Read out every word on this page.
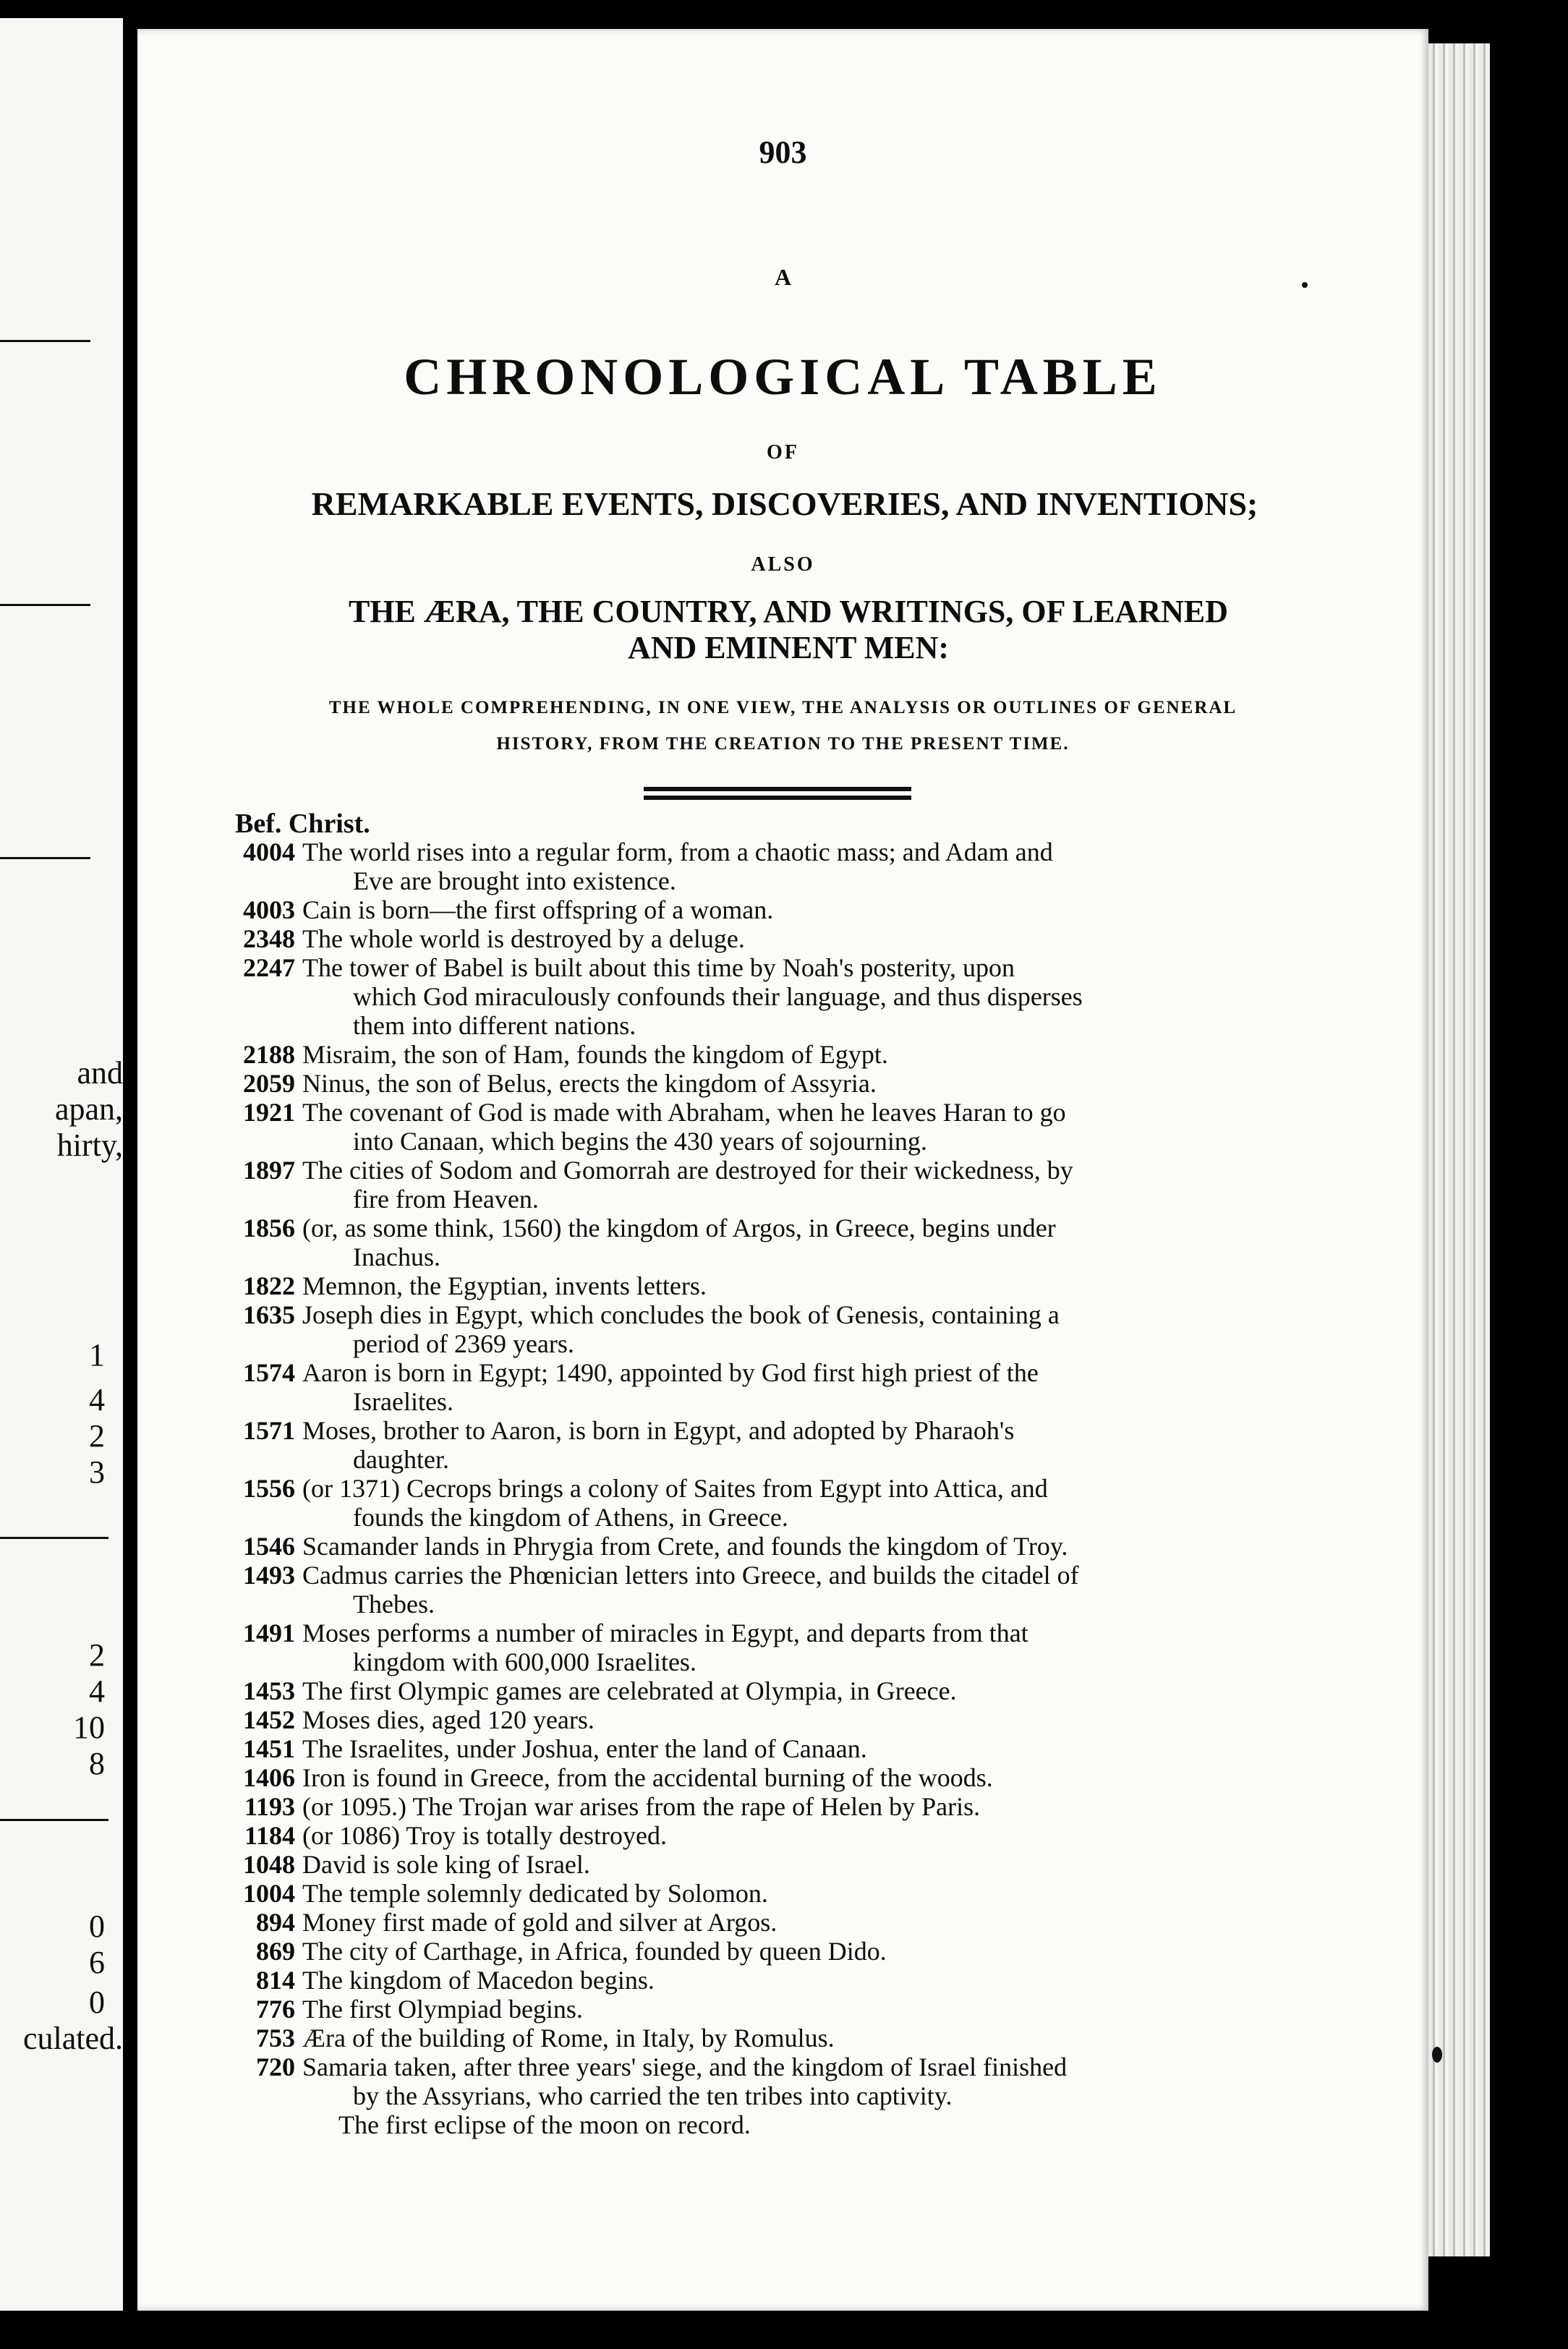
and
apan,
hirty,
1
4
2
3
2
4
10
8
0
6
0
culated.
903
A
CHRONOLOGICAL TABLE
OF
REMARKABLE EVENTS, DISCOVERIES, AND INVENTIONS;
ALSO
THE ÆRA, THE COUNTRY, AND WRITINGS, OF LEARNED
AND EMINENT MEN:
THE WHOLE COMPREHENDING, IN ONE VIEW, THE ANALYSIS OR OUTLINES OF GENERAL
HISTORY, FROM THE CREATION TO THE PRESENT TIME.
Bef. Christ.
4004 The world rises into a regular form, from a chaotic mass; and Adam and
Eve are brought into existence.
4003 Cain is born—the first offspring of a woman.
2348 The whole world is destroyed by a deluge.
2247 The tower of Babel is built about this time by Noah's posterity, upon
which God miraculously confounds their language, and thus disperses
them into different nations.
2188 Misraim, the son of Ham, founds the kingdom of Egypt.
2059 Ninus, the son of Belus, erects the kingdom of Assyria.
1921 The covenant of God is made with Abraham, when he leaves Haran to go
into Canaan, which begins the 430 years of sojourning.
1897 The cities of Sodom and Gomorrah are destroyed for their wickedness, by
fire from Heaven.
1856 (or, as some think, 1560) the kingdom of Argos, in Greece, begins under
Inachus.
1822 Memnon, the Egyptian, invents letters.
1635 Joseph dies in Egypt, which concludes the book of Genesis, containing a
period of 2369 years.
1574 Aaron is born in Egypt; 1490, appointed by God first high priest of the
Israelites.
1571 Moses, brother to Aaron, is born in Egypt, and adopted by Pharaoh's
daughter.
1556 (or 1371) Cecrops brings a colony of Saites from Egypt into Attica, and
founds the kingdom of Athens, in Greece.
1546 Scamander lands in Phrygia from Crete, and founds the kingdom of Troy.
1493 Cadmus carries the Phœnician letters into Greece, and builds the citadel of
Thebes.
1491 Moses performs a number of miracles in Egypt, and departs from that
kingdom with 600,000 Israelites.
1453 The first Olympic games are celebrated at Olympia, in Greece.
1452 Moses dies, aged 120 years.
1451 The Israelites, under Joshua, enter the land of Canaan.
1406 Iron is found in Greece, from the accidental burning of the woods.
1193 (or 1095.) The Trojan war arises from the rape of Helen by Paris.
1184 (or 1086) Troy is totally destroyed.
1048 David is sole king of Israel.
1004 The temple solemnly dedicated by Solomon.
894 Money first made of gold and silver at Argos.
869 The city of Carthage, in Africa, founded by queen Dido.
814 The kingdom of Macedon begins.
776 The first Olympiad begins.
753 Æra of the building of Rome, in Italy, by Romulus.
720 Samaria taken, after three years' siege, and the kingdom of Israel finished
by the Assyrians, who carried the ten tribes into captivity.
The first eclipse of the moon on record.
